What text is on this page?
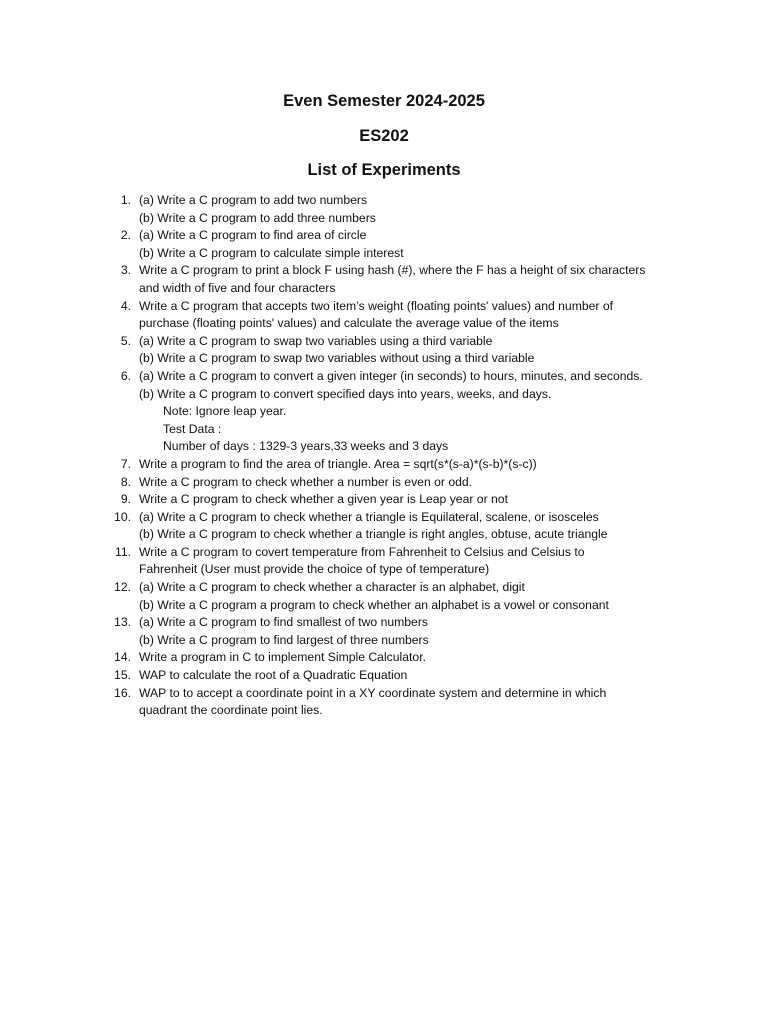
Even Semester 2024-2025
ES202
List of Experiments
1. (a) Write a C program to add two numbers
(b) Write a C program to add three numbers
2. (a) Write a C program to find area of circle
(b) Write a C program to calculate simple interest
3. Write a C program to print a block F using hash (#), where the F has a height of six characters
and width of five and four characters
4. Write a C program that accepts two item’s weight (floating points' values) and number of
purchase (floating points' values) and calculate the average value of the items
5. (a) Write a C program to swap two variables using a third variable
(b) Write a C program to swap two variables without using a third variable
6. (a) Write a C program to convert a given integer (in seconds) to hours, minutes, and seconds.
(b) Write a C program to convert specified days into years, weeks, and days.
Note: Ignore leap year.
Test Data :
Number of days : 1329-3 years,33 weeks and 3 days
7. Write a program to find the area of triangle. Area = sqrt(s*(s-a)*(s-b)*(s-c))
8. Write a C program to check whether a number is even or odd.
9. Write a C program to check whether a given year is Leap year or not
10. (a) Write a C program to check whether a triangle is Equilateral, scalene, or isosceles
(b) Write a C program to check whether a triangle is right angles, obtuse, acute triangle
11. Write a C program to covert temperature from Fahrenheit to Celsius and Celsius to
Fahrenheit (User must provide the choice of type of temperature)
12. (a) Write a C program to check whether a character is an alphabet, digit
(b) Write a C program a program to check whether an alphabet is a vowel or consonant
13. (a) Write a C program to find smallest of two numbers
(b) Write a C program to find largest of three numbers
14. Write a program in C to implement Simple Calculator.
15. WAP to calculate the root of a Quadratic Equation
16. WAP to to accept a coordinate point in a XY coordinate system and determine in which
quadrant the coordinate point lies.
